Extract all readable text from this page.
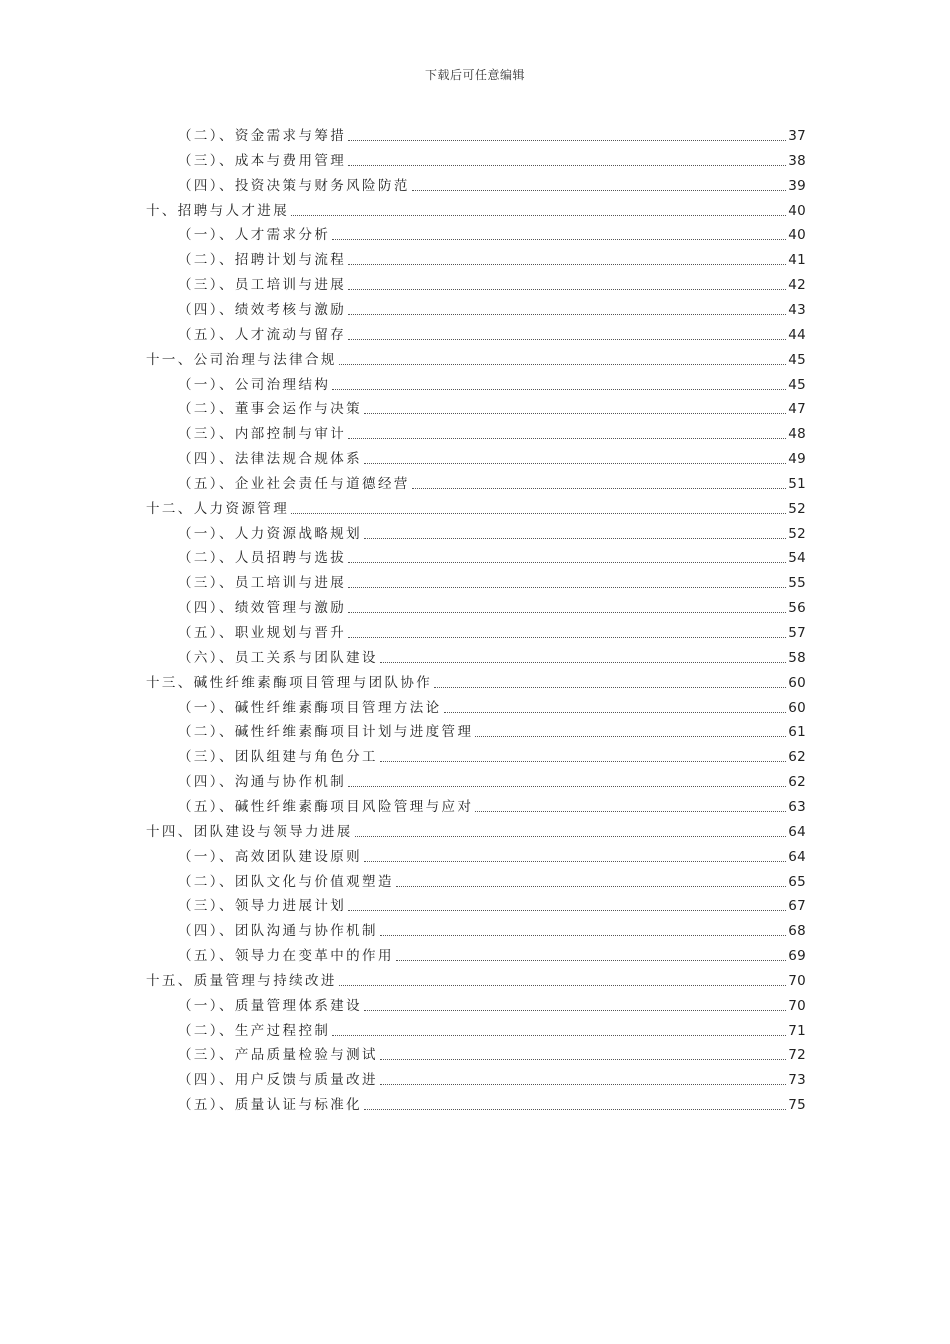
下载后可任意编辑
（二）、资金需求与筹措	37
（三）、成本与费用管理	38
（四）、投资决策与财务风险防范	39
十、招聘与人才进展	40
（一）、人才需求分析	40
（二）、招聘计划与流程	41
（三）、员工培训与进展	42
（四）、绩效考核与激励	43
（五）、人才流动与留存	44
十一、公司治理与法律合规	45
（一）、公司治理结构	45
（二）、董事会运作与决策	47
（三）、内部控制与审计	48
（四）、法律法规合规体系	49
（五）、企业社会责任与道德经营	51
十二、人力资源管理	52
（一）、人力资源战略规划	52
（二）、人员招聘与选拔	54
（三）、员工培训与进展	55
（四）、绩效管理与激励	56
（五）、职业规划与晋升	57
（六）、员工关系与团队建设	58
十三、碱性纤维素酶项目管理与团队协作	60
（一）、碱性纤维素酶项目管理方法论	60
（二）、碱性纤维素酶项目计划与进度管理	61
（三）、团队组建与角色分工	62
（四）、沟通与协作机制	62
（五）、碱性纤维素酶项目风险管理与应对	63
十四、团队建设与领导力进展	64
（一）、高效团队建设原则	64
（二）、团队文化与价值观塑造	65
（三）、领导力进展计划	67
（四）、团队沟通与协作机制	68
（五）、领导力在变革中的作用	69
十五、质量管理与持续改进	70
（一）、质量管理体系建设	70
（二）、生产过程控制	71
（三）、产品质量检验与测试	72
（四）、用户反馈与质量改进	73
（五）、质量认证与标准化	75
